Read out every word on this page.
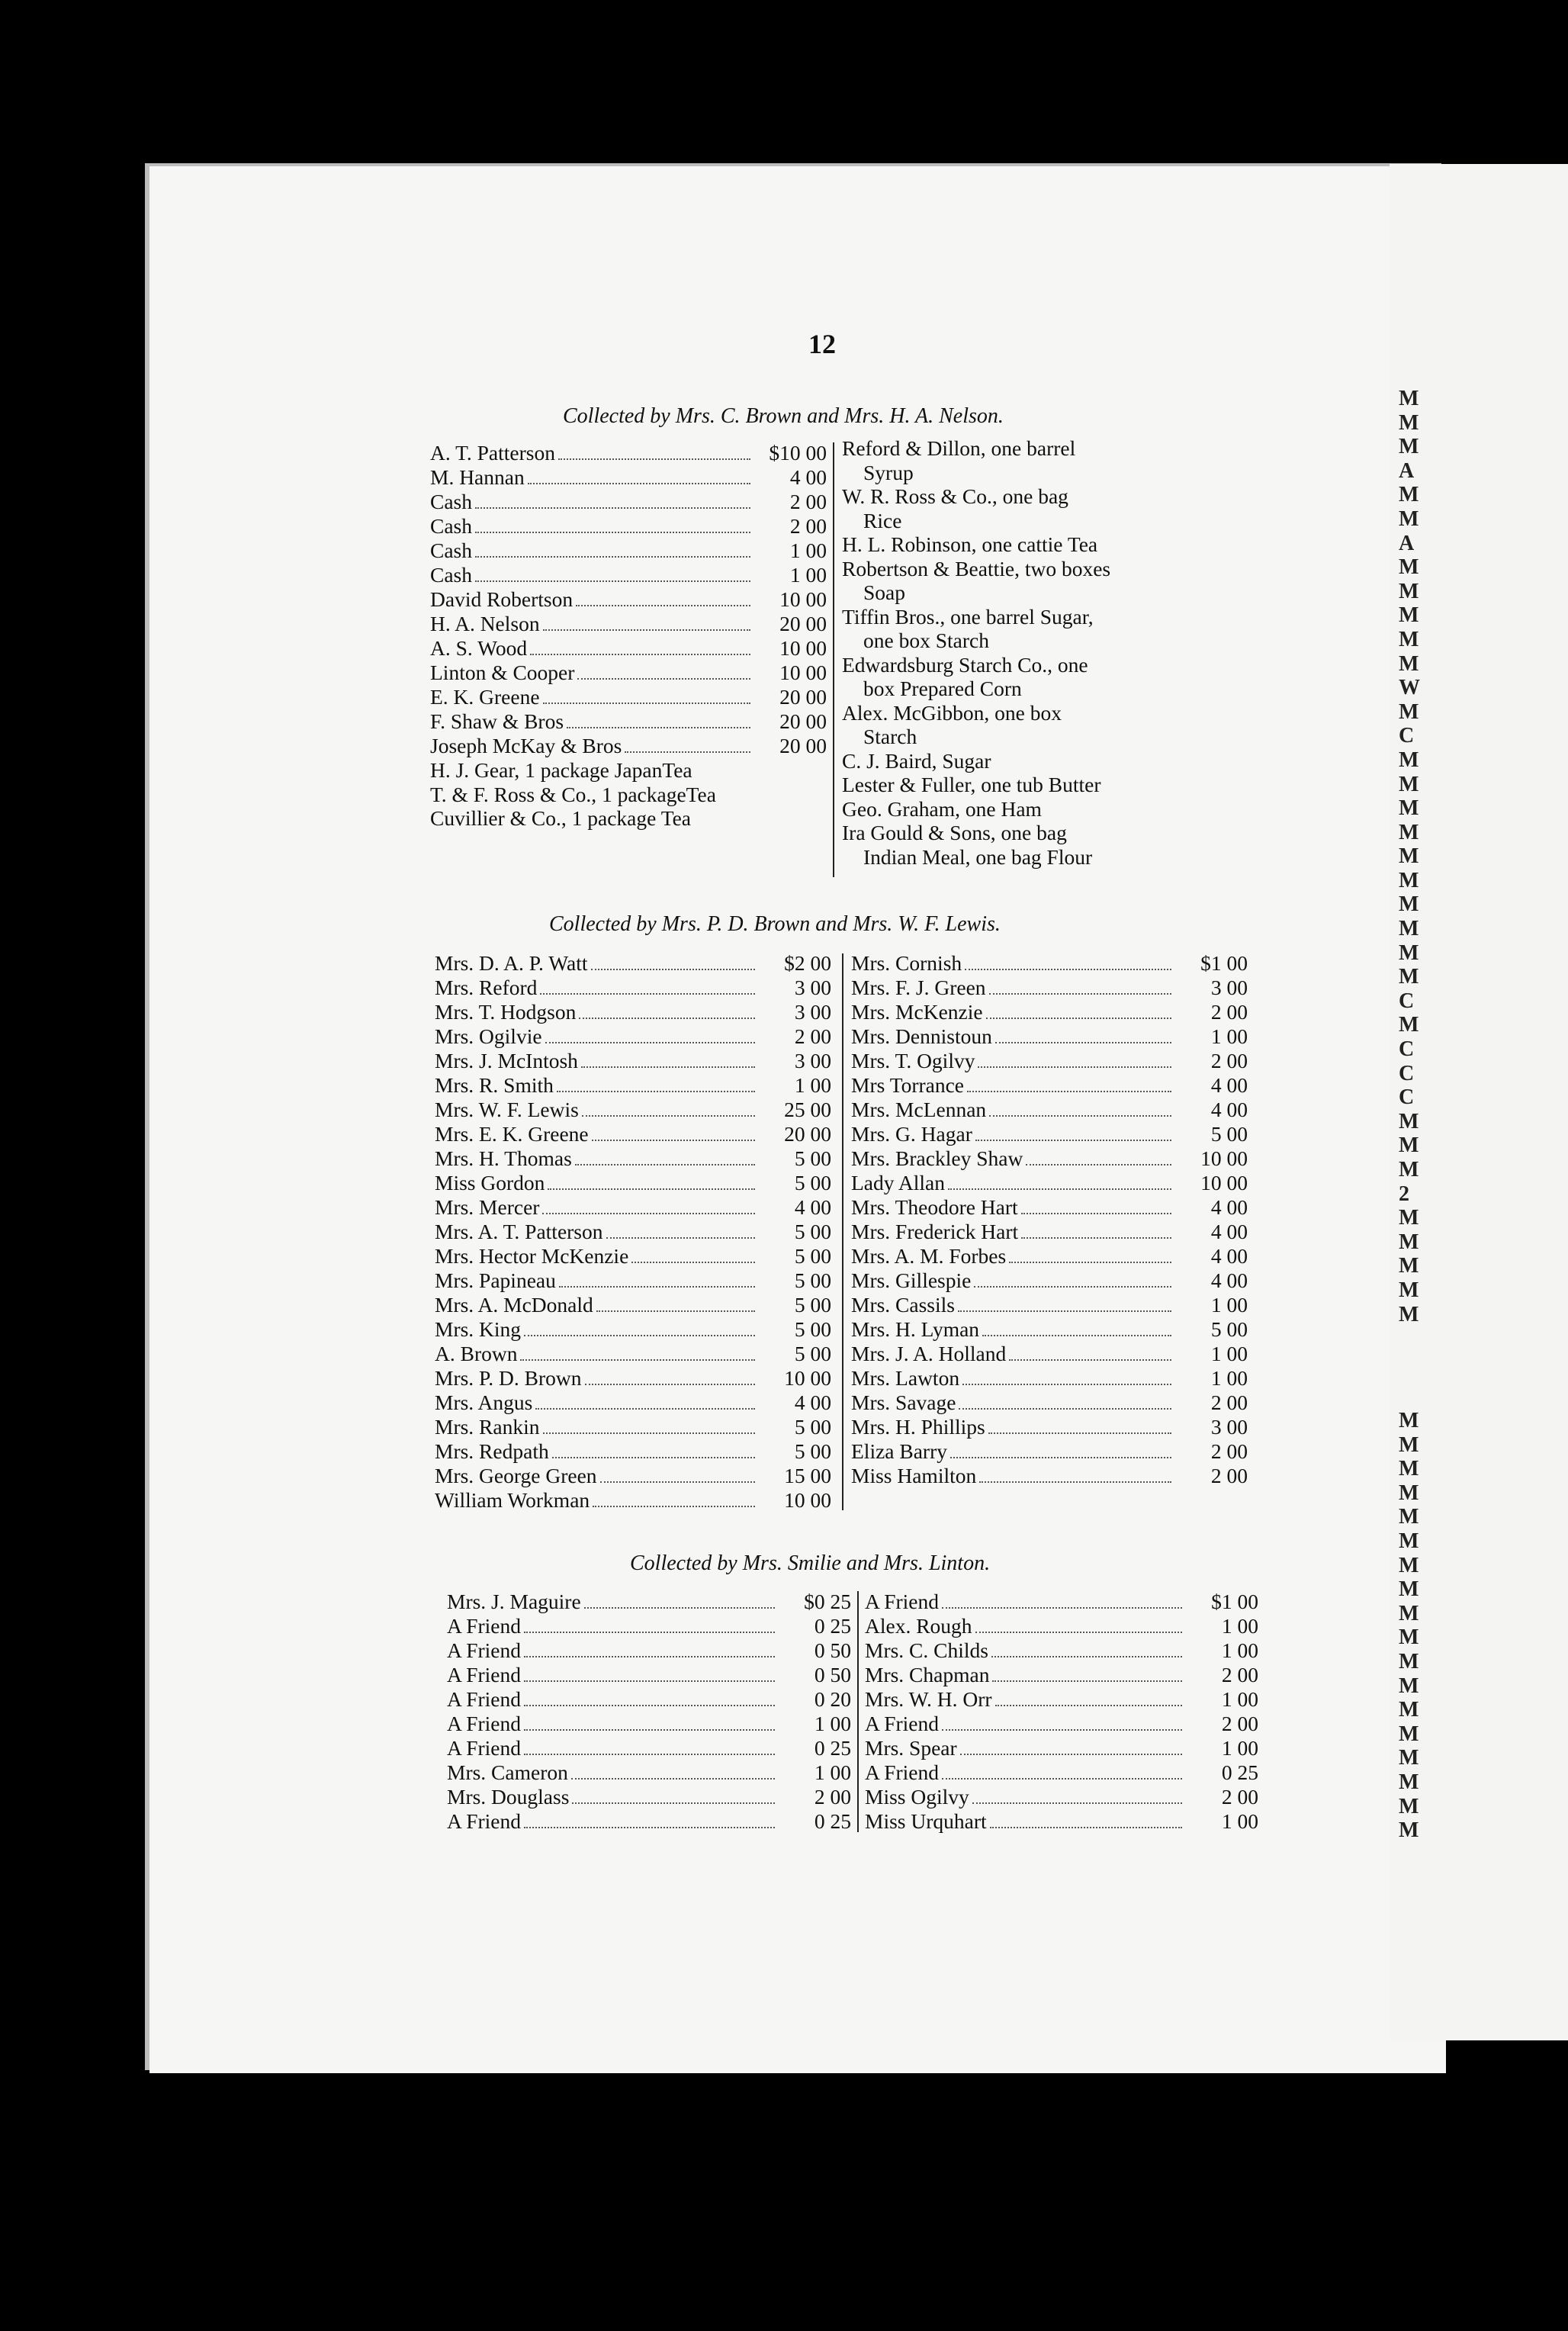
M
M
M
A
M
M
A
M
M
M
M
M
W
M
C
M
M
M
M
M
M
M
M
M
M
C
M
C
C
C
M
M
M
2
M
M
M
M
M
M
M
M
M
M
M
M
M
M
M
M
M
M
M
M
M
M
M
12
Collected by Mrs. C. Brown and Mrs. H. A. Nelson.
A. T. Patterson	$10 00
M. Hannan	4 00
Cash	2 00
Cash	2 00
Cash	1 00
Cash	1 00
David Robertson	10 00
H. A. Nelson	20 00
A. S. Wood	10 00
Linton & Cooper	10 00
E. K. Greene	20 00
F. Shaw & Bros	20 00
Joseph McKay & Bros	20 00
H. J. Gear, 1 package JapanTea
T. & F. Ross & Co., 1 packageTea
Cuvillier & Co., 1 package Tea
Reford & Dillon, one barrel
Syrup
W. R. Ross & Co., one bag
Rice
H. L. Robinson, one cattie Tea
Robertson & Beattie, two boxes
Soap
Tiffin Bros., one barrel Sugar,
one box Starch
Edwardsburg Starch Co., one
box Prepared Corn
Alex. McGibbon, one box
Starch
C. J. Baird, Sugar
Lester & Fuller, one tub Butter
Geo. Graham, one Ham
Ira Gould & Sons, one bag
Indian Meal, one bag Flour
Collected by Mrs. P. D. Brown and Mrs. W. F. Lewis.
Mrs. D. A. P. Watt	$2 00
Mrs. Reford	3 00
Mrs. T. Hodgson	3 00
Mrs. Ogilvie	2 00
Mrs. J. McIntosh	3 00
Mrs. R. Smith	1 00
Mrs. W. F. Lewis	25 00
Mrs. E. K. Greene	20 00
Mrs. H. Thomas	5 00
Miss Gordon	5 00
Mrs. Mercer	4 00
Mrs. A. T. Patterson	5 00
Mrs. Hector McKenzie	5 00
Mrs. Papineau	5 00
Mrs. A. McDonald	5 00
Mrs. King	5 00
A. Brown	5 00
Mrs. P. D. Brown	10 00
Mrs. Angus	4 00
Mrs. Rankin	5 00
Mrs. Redpath	5 00
Mrs. George Green	15 00
William Workman	10 00
Mrs. Cornish	$1 00
Mrs. F. J. Green	3 00
Mrs. McKenzie	2 00
Mrs. Dennistoun	1 00
Mrs. T. Ogilvy	2 00
Mrs Torrance	4 00
Mrs. McLennan	4 00
Mrs. G. Hagar	5 00
Mrs. Brackley Shaw	10 00
Lady Allan	10 00
Mrs. Theodore Hart	4 00
Mrs. Frederick Hart	4 00
Mrs. A. M. Forbes	4 00
Mrs. Gillespie	4 00
Mrs. Cassils	1 00
Mrs. H. Lyman	5 00
Mrs. J. A. Holland	1 00
Mrs. Lawton	1 00
Mrs. Savage	2 00
Mrs. H. Phillips	3 00
Eliza Barry	2 00
Miss Hamilton	2 00
Collected by Mrs. Smilie and Mrs. Linton.
Mrs. J. Maguire	$0 25
A Friend	0 25
A Friend	0 50
A Friend	0 50
A Friend	0 20
A Friend	1 00
A Friend	0 25
Mrs. Cameron	1 00
Mrs. Douglass	2 00
A Friend	0 25
A Friend	$1 00
Alex. Rough	1 00
Mrs. C. Childs	1 00
Mrs. Chapman	2 00
Mrs. W. H. Orr	1 00
A Friend	2 00
Mrs. Spear	1 00
A Friend	0 25
Miss Ogilvy	2 00
Miss Urquhart	1 00
